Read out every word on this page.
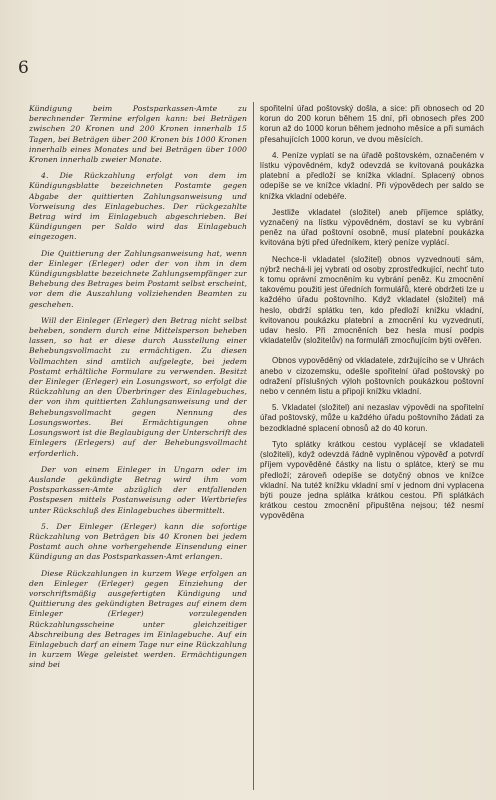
6

Kündigung beim Postsparkassen-Amte zu berechnender Termine erfolgen kann: bei Beträgen zwischen 20 Kronen und 200 Kronen innerhalb 15 Tagen, bei Beträgen über 200 Kronen bis 1000 Kronen innerhalb eines Monates und bei Beträgen über 1000 Kronen innerhalb zweier Monate.

4. Die Rückzahlung erfolgt von dem im Kündigungsblatte bezeichneten Postamte gegen Abgabe der quittierten Zahlungsanweisung und Vorweisung des Einlagebuches. Der rückgezahlte Betrag wird im Einlagebuch abgeschrieben. Bei Kündigungen per Saldo wird das Einlagebuch eingezogen.

Die Quittierung der Zahlungsanweisung hat, wenn der Einleger (Erleger) oder der von ihm in dem Kündigungsblatte bezeichnete Zahlungsempfänger zur Behebung des Betrages beim Postamt selbst erscheint, vor dem die Auszahlung vollziehenden Beamten zu geschehen.

Will der Einleger (Erleger) den Betrag nicht selbst beheben, sondern durch eine Mittelsperson beheben lassen, so hat er diese durch Ausstellung einer Behebungsvollmacht zu ermächtigen. Zu diesen Vollmachten sind amtlich aufgelegte, bei jedem Postamt erhältliche Formulare zu verwenden. Besitzt der Einleger (Erleger) ein Losungswort, so erfolgt die Rückzahlung an den Überbringer des Einlagebuches, der von ihm quittierten Zahlungsanweisung und der Behebungsvollmacht gegen Nennung des Losungswortes. Bei Ermächtigungen ohne Losungswort ist die Beglaubigung der Unterschrift des Einlegers (Erlegers) auf der Behebungsvollmacht erforderlich.

Der von einem Einleger in Ungarn oder im Auslande gekündigte Betrag wird ihm vom Postsparkassen-Amte abzüglich der entfallenden Postspesen mittels Postanweisung oder Wertbriefes unter Rückschluß des Einlagebuches übermittelt.

5. Der Einleger (Erleger) kann die sofortige Rückzahlung von Beträgen bis 40 Kronen bei jedem Postamt auch ohne vorhergehende Einsendung einer Kündigung an das Postsparkassen-Amt erlangen.

Diese Rückzahlungen in kurzem Wege erfolgen an den Einleger (Erleger) gegen Einziehung der vorschriftsmäßig ausgefertigten Kündigung und Quittierung des gekündigten Betrages auf einem dem Einleger (Erleger) vorzulegenden Rückzahlungsscheine unter gleichzeitiger Abschreibung des Betrages im Einlagebuche. Auf ein Einlagebuch darf an einem Tage nur eine Rückzahlung in kurzem Wege geleistet werden. Ermächtigungen sind bei

spořitelní úřad poštovský došla, a sice: při obnosech od 20 korun do 200 korun během 15 dní, při obnosech přes 200 korun až do 1000 korun během jednoho měsíce a při sumách přesahujících 1000 korun, ve dvou měsících.

4. Peníze vyplatí se na úřadě poštovském, označeném v lístku výpovědném, když odevzdá se kvitovaná poukázka platební a předloží se knížka vkladní. Splacený obnos odepíše se ve knížce vkladní. Při výpovědech per saldo se knížka vkladní odebéře.

Jestliže vkladatel (složitel) aneb příjemce splátky, vyznačený na lístku výpovědném, dostaví se ku vybrání peněz na úřad poštovní osobně, musí platební poukázka kvitována býti před úředníkem, který peníze vyplácí.

Nechce-li vkladatel (složitel) obnos vyzvednouti sám, nýbrž nechá-li jej vybrati od osoby zprostředkující, nechť tuto k tomu oprávní zmocněním ku vybrání peněz. Ku zmocnění takovému použiti jest úředních formulářů, které obdržeti lze u každého úřadu poštovního. Když vkladatel (složitel) má heslo, obdrží splátku ten, kdo předloží knížku vkladní, kvitovanou poukázku platební a zmocnění ku vyzvednutí, udav heslo. Při zmocněních bez hesla musí podpis vkladatelův (složitelův) na formuláři zmocňujícím býti ověřen.

Obnos vypověděný od vkladatele, zdržujícího se v Uhrách anebo v cizozemsku, odešle spořitelní úřad poštovský po odražení příslušných výloh poštovních poukázkou poštovní nebo v cenném listu a připojí knížku vkladní.

5. Vkladatel (složitel) ani nezaslav výpovědi na spořitelní úřad poštovský, může u každého úřadu poštovního žádati za bezodkladné splacení obnosů až do 40 korun.

Tyto splátky krátkou cestou vyplácejí se vkladateli (složiteli), když odevzdá řádně vyplněnou výpověď a potvrdí příjem vypověděné částky na listu o splátce, který se mu předloží; zároveň odepíše se dotyčný obnos ve knížce vkladní. Na tutéž knížku vkladní smí v jednom dni vyplacena býti pouze jedna splátka krátkou cestou. Při splátkách krátkou cestou zmocnění připuštěna nejsou; též nesmí vypověděna
